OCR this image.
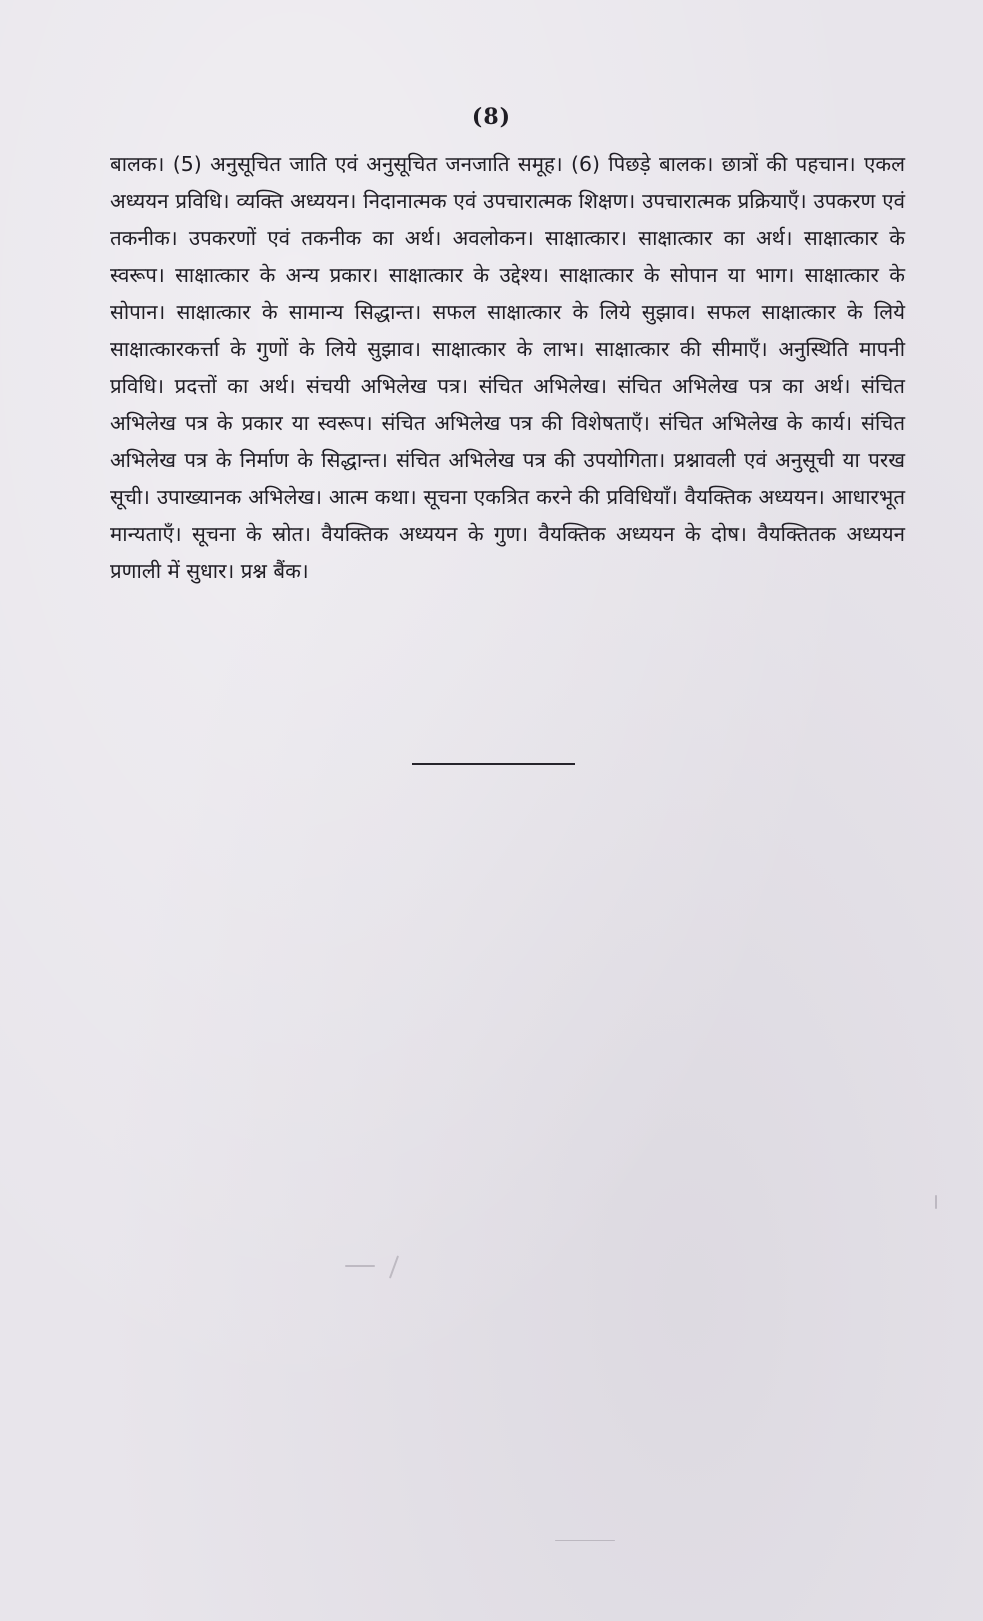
(8)

बालक। (5) अनुसूचित जाति एवं अनुसूचित जनजाति समूह। (6) पिछड़े बालक। छात्रों की पहचान। एकल अध्ययन प्रविधि। व्यक्ति अध्ययन। निदानात्मक एवं उपचारात्मक शिक्षण। उपचारात्मक प्रक्रियाएँ। उपकरण एवं तकनीक। उपकरणों एवं तकनीक का अर्थ। अवलोकन। साक्षात्कार। साक्षात्कार का अर्थ। साक्षात्कार के स्वरूप। साक्षात्कार के अन्य प्रकार। साक्षात्कार के उद्देश्य। साक्षात्कार के सोपान या भाग। साक्षात्कार के सोपान। साक्षात्कार के सामान्य सिद्धान्त। सफल साक्षात्कार के लिये सुझाव। सफल साक्षात्कार के लिये साक्षात्कारकर्त्ता के गुणों के लिये सुझाव। साक्षात्कार के लाभ। साक्षात्कार की सीमाएँ। अनुस्थिति मापनी प्रविधि। प्रदत्तों का अर्थ। संचयी अभिलेख पत्र। संचित अभिलेख। संचित अभिलेख पत्र का अर्थ। संचित अभिलेख पत्र के प्रकार या स्वरूप। संचित अभिलेख पत्र की विशेषताएँ। संचित अभिलेख के कार्य। संचित अभिलेख पत्र के निर्माण के सिद्धान्त। संचित अभिलेख पत्र की उपयोगिता। प्रश्नावली एवं अनुसूची या परख सूची। उपाख्यानक अभिलेख। आत्म कथा। सूचना एकत्रित करने की प्रविधियाँ। वैयक्तिक अध्ययन। आधारभूत मान्यताएँ। सूचना के स्रोत। वैयक्तिक अध्ययन के गुण। वैयक्तिक अध्ययन के दोष। वैयक्तितक अध्ययन प्रणाली में सुधार। प्रश्न बैंक।
